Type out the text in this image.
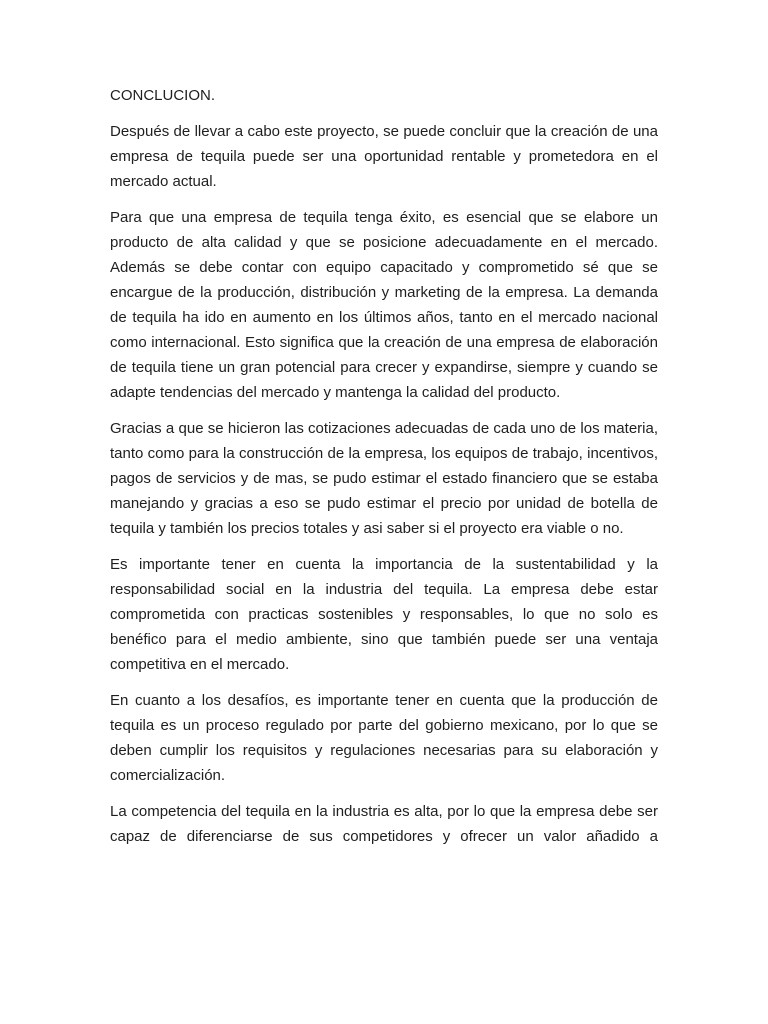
CONCLUCION.

Después de llevar a cabo este proyecto, se puede concluir que la creación de una empresa de tequila puede ser una oportunidad rentable y prometedora en el mercado actual.

Para que una empresa de tequila tenga éxito, es esencial que se elabore un producto de alta calidad y que se posicione adecuadamente en el mercado. Además se debe contar con equipo capacitado y comprometido sé que se encargue de la producción, distribución y marketing de la empresa. La demanda de tequila ha ido en aumento en los últimos años, tanto en el mercado nacional como internacional. Esto significa que la creación de una empresa de elaboración de tequila tiene un gran potencial para crecer y expandirse, siempre y cuando se adapte tendencias del mercado y mantenga la calidad del producto.

Gracias a que se hicieron las cotizaciones adecuadas de cada uno de los materia, tanto como para la construcción de la empresa, los equipos de trabajo, incentivos, pagos de servicios y de mas, se pudo estimar el estado financiero que se estaba manejando y gracias a eso se pudo estimar el precio por unidad de botella de tequila y también los precios totales y asi saber si el proyecto era viable o no.

Es importante tener en cuenta la importancia de la sustentabilidad y la responsabilidad social en la industria del tequila. La empresa debe estar comprometida con practicas sostenibles y responsables, lo que no solo es benéfico para el medio ambiente, sino que también puede ser una ventaja competitiva en el mercado.

En cuanto a los desafíos, es importante tener en cuenta que la producción de tequila es un proceso regulado por parte del gobierno mexicano, por lo que se deben cumplir los requisitos y regulaciones necesarias para su elaboración y comercialización.

La competencia del tequila en la industria es alta, por lo que la empresa debe ser capaz de diferenciarse de sus competidores y ofrecer un valor añadido a
